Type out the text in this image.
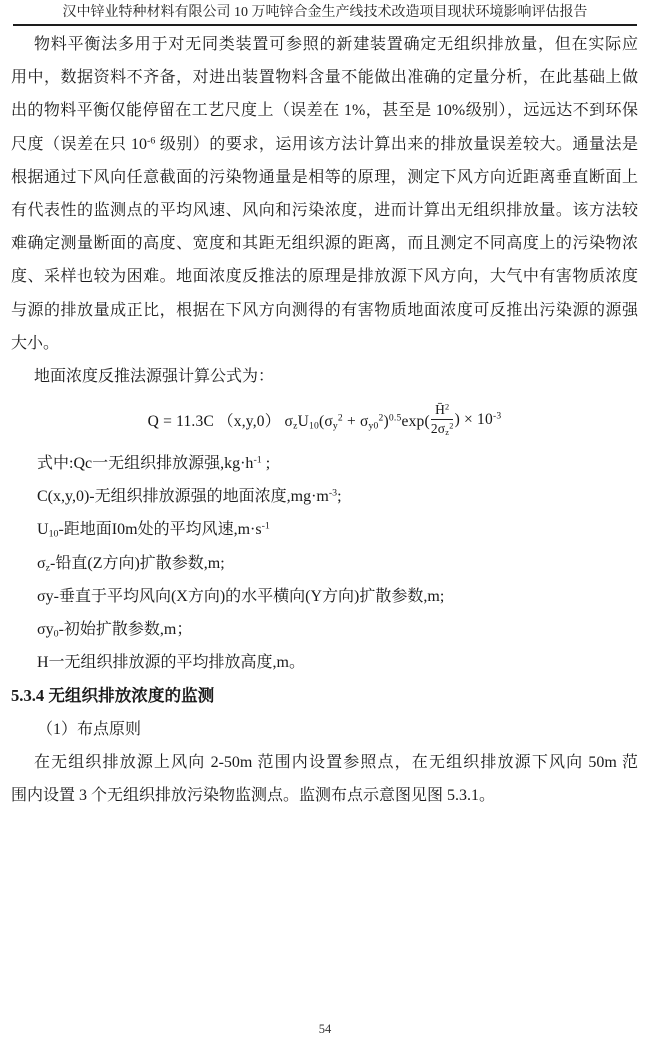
汉中锌业特种材料有限公司 10 万吨锌合金生产线技术改造项目现状环境影响评估报告
物料平衡法多用于对无同类装置可参照的新建装置确定无组织排放量，但在实际应
用中，数据资料不齐备，对进出装置物料含量不能做出准确的定量分析，在此基础上做
出的物料平衡仅能停留在工艺尺度上（误差在 1%，甚至是 10%级别），远远达不到环保
尺度（误差在只 $10^{-6}$ 级别）的要求，运用该方法计算出来的排放量误差较大。通量法是
根据通过下风向任意截面的污染物通量是相等的原理，测定下风方向近距离垂直断面上
有代表性的监测点的平均风速、风向和污染浓度，进而计算出无组织排放量。该方法较
难确定测量断面的高度、宽度和其距无组织源的距离，而且测定不同高度上的污染物浓
度、采样也较为困难。地面浓度反推法的原理是排放源下风方向，大气中有害物质浓度
与源的排放量成正比，根据在下风方向测得的有害物质地面浓度可反推出污染源的源强
大小。
地面浓度反推法源强计算公式为：
Q = 11.3C （x,y,0） $\sigma_zU_{10}(\sigma_y^2 + \sigma_{y0}^2)^{0.5}\exp( \frac{H̄^2}{2\sigma_z^2}$ ) × $10^{-3}$
式中:Qc一无组织排放源强$,kg\cdot h^{-1}$ ;
C(x,y,0)-无组织排放源强的地面浓度$,mg\cdot m^{-3}$;
$U_{10}-$距地面I0m处的平均风速$,m\cdot s^{-1}$
$\sigma_z-$铅直(Z方向)扩散参数,m;
σy-垂直于平均风向(X方向)的水平横向(Y方向)扩散参数,m;
$\sigma y_0-$初始扩散参数,m；
H一无组织排放源的平均排放高度,m。
5.3.4 无组织排放浓度的监测
（1）布点原则
在无组织排放源上风向 2-50m 范围内设置参照点，在无组织排放源下风向 50m 范
围内设置 3 个无组织排放污染物监测点。监测布点示意图见图 5.3.1。
54
